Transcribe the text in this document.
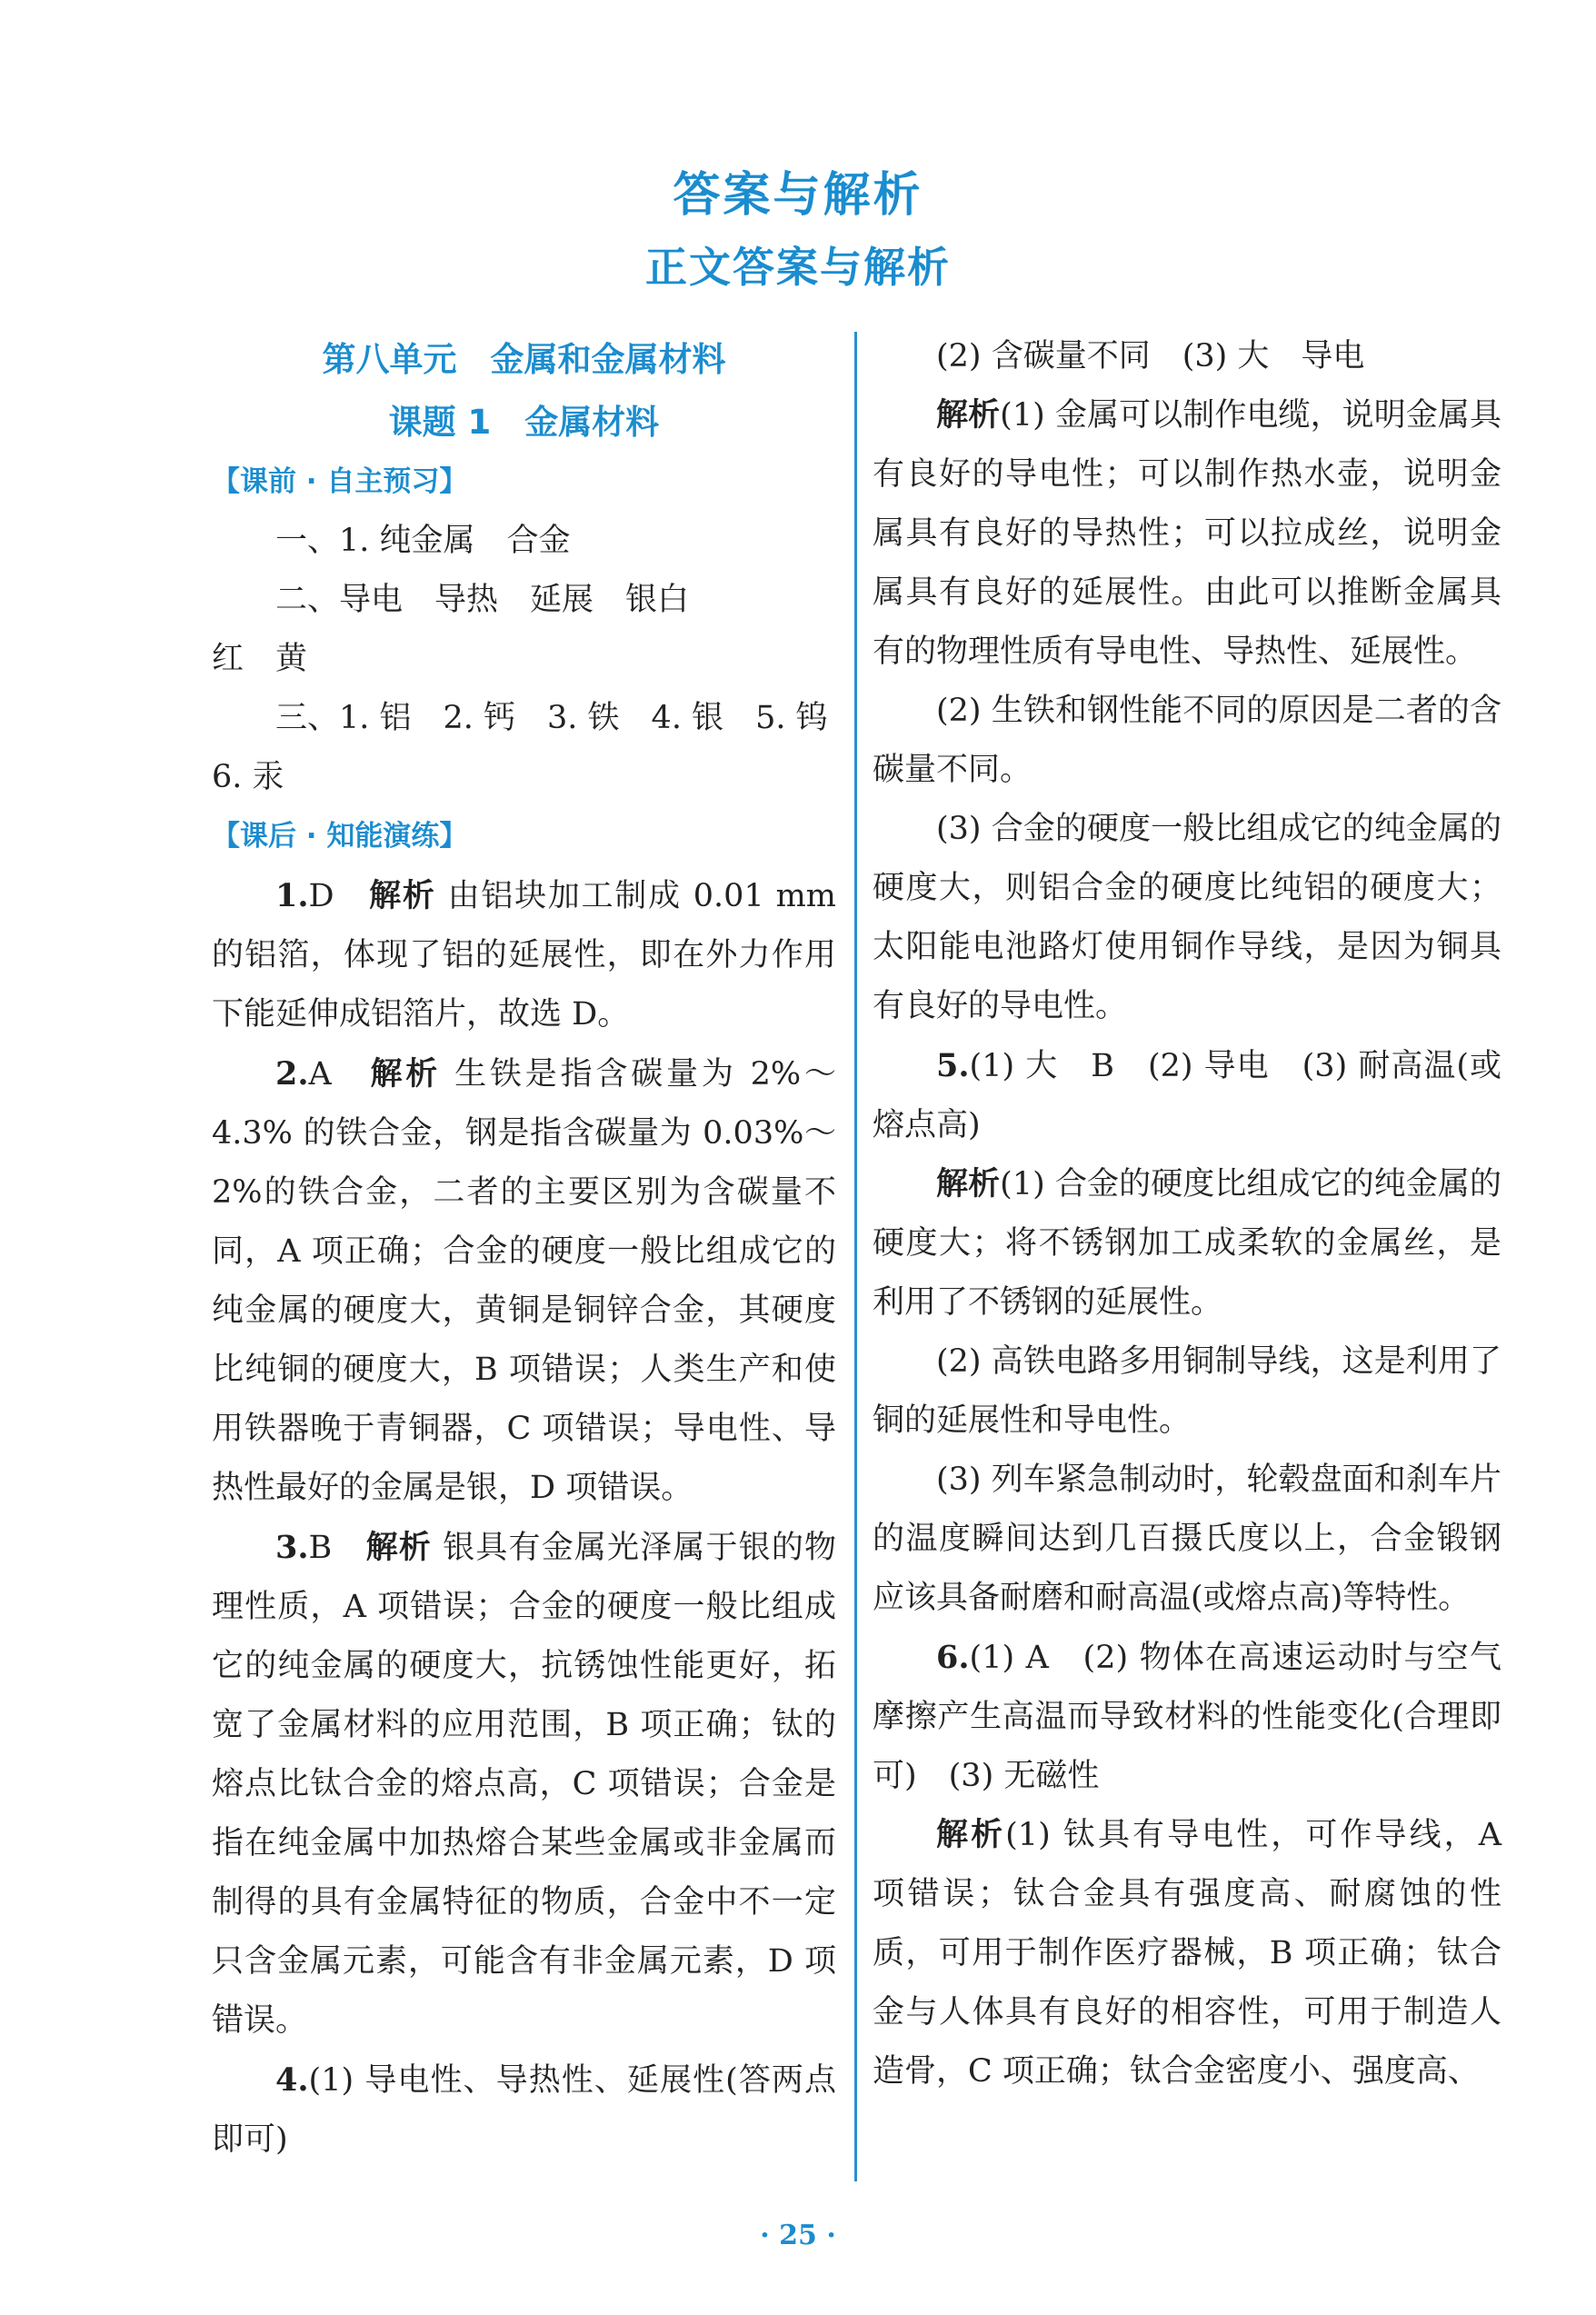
答案与解析
正文答案与解析

第八单元　金属和金属材料

课题 1　金属材料

【课前 · 自主预习】

一、1. 纯金属　合金

二、导电　导热　延展　银白

红　黄

三、1. 铝　2. 钙　3. 铁　4. 银　5. 钨

6. 汞

【课后 · 知能演练】

1.D　 解析 由铝块加工制成 0.01 mm 的铝箔，体现了铝的延展性，即在外力作用下能延伸成铝箔片，故选 D。

2.A　 解析 生铁是指含碳量为 2%～4.3% 的铁合金，钢是指含碳量为 0.03%～2%的铁合金，二者的主要区别为含碳量不同，A 项正确；合金的硬度一般比组成它的纯金属的硬度大，黄铜是铜锌合金，其硬度比纯铜的硬度大，B 项错误；人类生产和使用铁器晚于青铜器，C 项错误；导电性、导热性最好的金属是银，D 项错误。

3.B　 解析 银具有金属光泽属于银的物理性质，A 项错误；合金的硬度一般比组成它的纯金属的硬度大，抗锈蚀性能更好，拓宽了金属材料的应用范围，B 项正确；钛的熔点比钛合金的熔点高，C 项错误；合金是指在纯金属中加热熔合某些金属或非金属而制得的具有金属特征的物质，合金中不一定只含金属元素，可能含有非金属元素，D 项错误。

4.(1) 导电性、导热性、延展性(答两点即可)

(2) 含碳量不同　(3) 大　导电

解析(1) 金属可以制作电缆，说明金属具有良好的导电性；可以制作热水壶，说明金属具有良好的导热性；可以拉成丝，说明金属具有良好的延展性。由此可以推断金属具有的物理性质有导电性、导热性、延展性。

(2) 生铁和钢性能不同的原因是二者的含碳量不同。

(3) 合金的硬度一般比组成它的纯金属的硬度大，则铝合金的硬度比纯铝的硬度大；太阳能电池路灯使用铜作导线，是因为铜具有良好的导电性。

5.(1) 大　B　(2) 导电　(3) 耐高温(或熔点高)

解析(1) 合金的硬度比组成它的纯金属的硬度大；将不锈钢加工成柔软的金属丝，是利用了不锈钢的延展性。

(2) 高铁电路多用铜制导线，这是利用了铜的延展性和导电性。

(3) 列车紧急制动时，轮毂盘面和刹车片的温度瞬间达到几百摄氏度以上，合金锻钢应该具备耐磨和耐高温(或熔点高)等特性。

6.(1) A　(2) 物体在高速运动时与空气摩擦产生高温而导致材料的性能变化(合理即可)　(3) 无磁性

解析(1) 钛具有导电性，可作导线，A 项错误；钛合金具有强度高、耐腐蚀的性质，可用于制作医疗器械，B 项正确；钛合金与人体具有良好的相容性，可用于制造人造骨，C 项正确；钛合金密度小、强度高、

· 25 ·
